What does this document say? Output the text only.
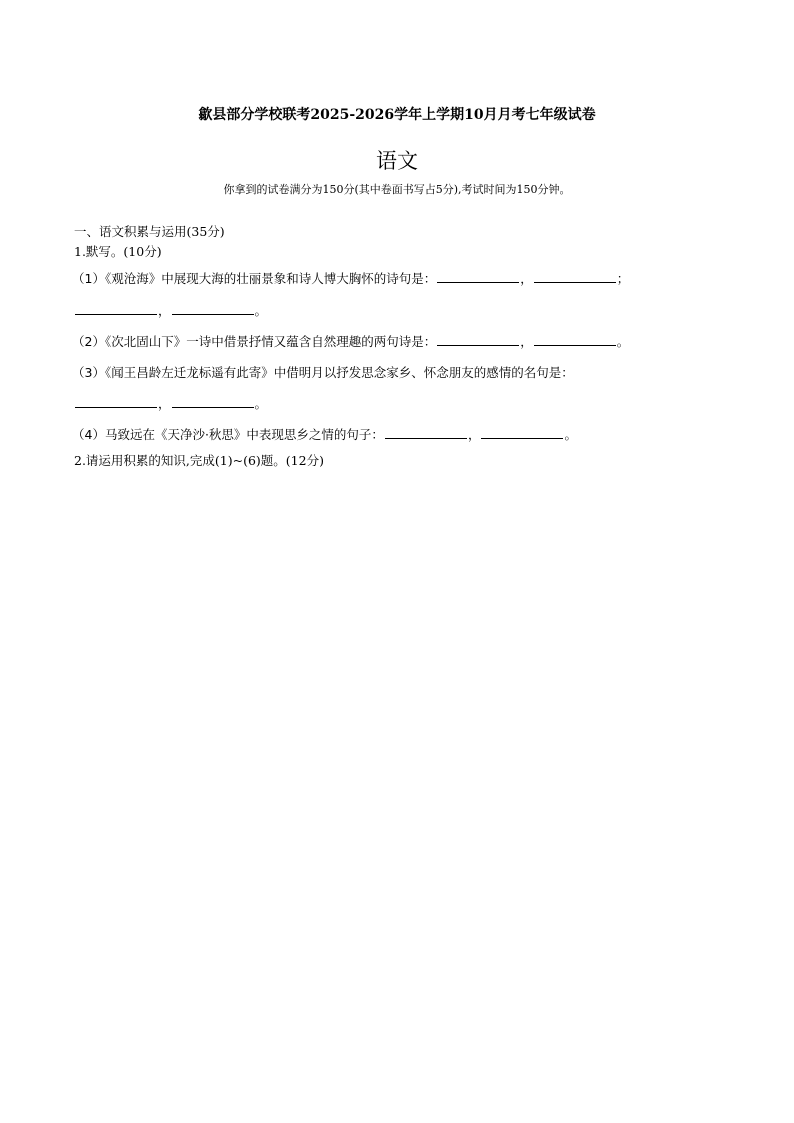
歙县部分学校联考2025-2026学年上学期10月月考七年级试卷
语文
你拿到的试卷满分为150分(其中卷面书写占5分),考试时间为150分钟。
一、语文积累与运用(35分)
1.默写。(10分)
（1）《观沧海》中展现大海的壮丽景象和诗人博大胸怀的诗句是：	，	；
，	。
（2）《次北固山下》一诗中借景抒情又蕴含自然理趣的两句诗是：	，	。
（3）《闻王昌龄左迁龙标遥有此寄》中借明月以抒发思念家乡、怀念朋友的感情的名句是：
，	。
（4）马致远在《天净沙·秋思》中表现思乡之情的句子：	，	。
2.请运用积累的知识,完成(1)~(6)题。(12分)
